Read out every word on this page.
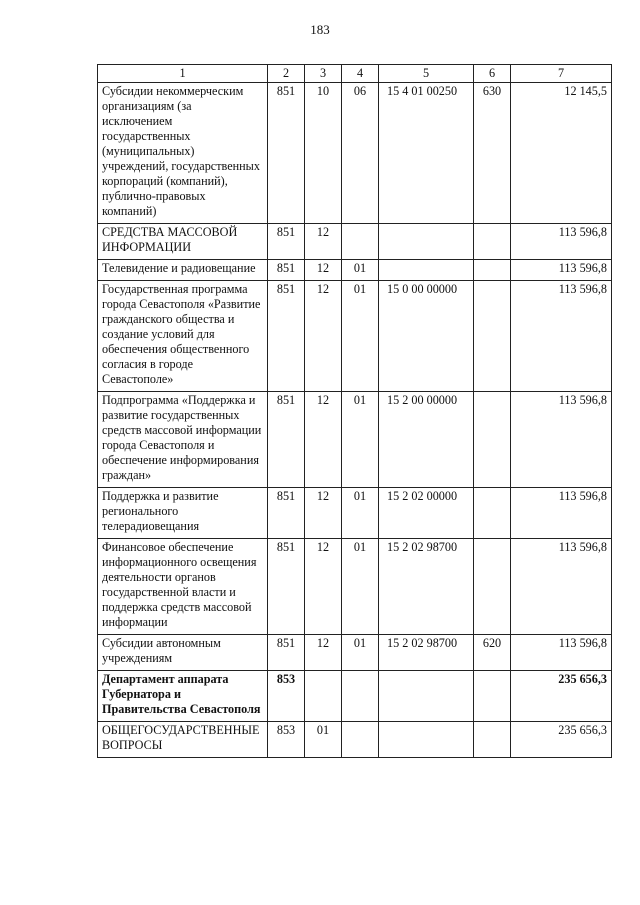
183
1	2	3	4	5	6	7
Субсидии некоммерческим организациям (за исключением государственных (муниципальных) учреждений, государственных корпораций (компаний), публично-правовых компаний)	851	10	06	15 4 01 00250	630	12 145,5
СРЕДСТВА МАССОВОЙ ИНФОРМАЦИИ	851	12				113 596,8
Телевидение и радиовещание	851	12	01			113 596,8
Государственная программа города Севастополя «Развитие гражданского общества и создание условий для обеспечения общественного согласия в городе Севастополе»	851	12	01	15 0 00 00000		113 596,8
Подпрограмма «Поддержка и развитие государственных средств массовой информации города Севастополя и обеспечение информирования граждан»	851	12	01	15 2 00 00000		113 596,8
Поддержка и развитие регионального телерадиовещания	851	12	01	15 2 02 00000		113 596,8
Финансовое обеспечение информационного освещения деятельности органов государственной власти и поддержка средств массовой информации	851	12	01	15 2 02 98700		113 596,8
Субсидии автономным учреждениям	851	12	01	15 2 02 98700	620	113 596,8
Департамент аппарата Губернатора и Правительства Севастополя	853					235 656,3
ОБЩЕГОСУДАРСТВЕННЫЕ ВОПРОСЫ	853	01				235 656,3
